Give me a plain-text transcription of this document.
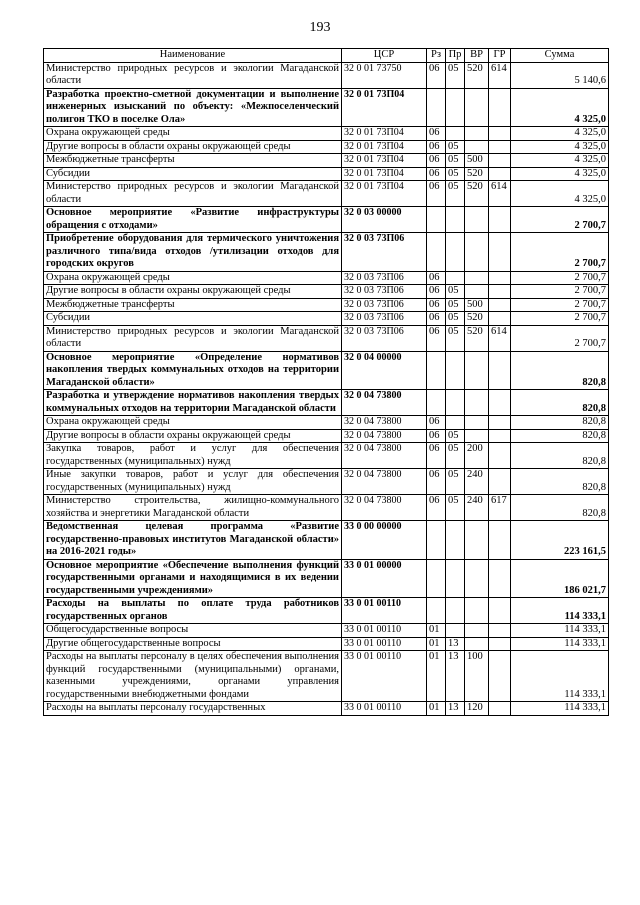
193
Наименование	ЦСР	Рз	Пр	ВР	ГР	Сумма
Министерство природных ресурсов и экологии Магаданской области	32 0 01 73750	06	05	520	614	5 140,6
Разработка проектно-сметной документации и выполнение инженерных изысканий по объекту: «Межпоселенческий полигон ТКО в поселке Ола»	32 0 01 73П04					4 325,0
Охрана окружающей среды	32 0 01 73П04	06				4 325,0
Другие вопросы в области охраны окружающей среды	32 0 01 73П04	06	05			4 325,0
Межбюджетные трансферты	32 0 01 73П04	06	05	500		4 325,0
Субсидии	32 0 01 73П04	06	05	520		4 325,0
Министерство природных ресурсов и экологии Магаданской области	32 0 01 73П04	06	05	520	614	4 325,0
Основное мероприятие «Развитие инфраструктуры обращения с отходами»	32 0 03 00000					2 700,7
Приобретение оборудования для термического уничтожения различного типа/вида отходов /утилизации отходов для городских округов	32 0 03 73П06					2 700,7
Охрана окружающей среды	32 0 03 73П06	06				2 700,7
Другие вопросы в области охраны окружающей среды	32 0 03 73П06	06	05			2 700,7
Межбюджетные трансферты	32 0 03 73П06	06	05	500		2 700,7
Субсидии	32 0 03 73П06	06	05	520		2 700,7
Министерство природных ресурсов и экологии Магаданской области	32 0 03 73П06	06	05	520	614	2 700,7
Основное мероприятие «Определение нормативов накопления твердых коммунальных отходов на территории Магаданской области»	32 0 04 00000					820,8
Разработка и утверждение нормативов накопления твердых коммунальных отходов на территории Магаданской области	32 0 04 73800					820,8
Охрана окружающей среды	32 0 04 73800	06				820,8
Другие вопросы в области охраны окружающей среды	32 0 04 73800	06	05			820,8
Закупка товаров, работ и услуг для обеспечения государственных (муниципальных) нужд	32 0 04 73800	06	05	200		820,8
Иные закупки товаров, работ и услуг для обеспечения государственных (муниципальных) нужд	32 0 04 73800	06	05	240		820,8
Министерство строительства, жилищно-коммунального хозяйства и энергетики Магаданской области	32 0 04 73800	06	05	240	617	820,8
Ведомственная целевая программа «Развитие государственно-правовых институтов Магаданской области» на 2016-2021 годы»	33 0 00 00000					223 161,5
Основное мероприятие «Обеспечение выполнения функций государственными органами и находящимися в их ведении государственными учреждениями»	33 0 01 00000					186 021,7
Расходы на выплаты по оплате труда работников государственных органов	33 0 01 00110					114 333,1
Общегосударственные вопросы	33 0 01 00110	01				114 333,1
Другие общегосударственные вопросы	33 0 01 00110	01	13			114 333,1
Расходы на выплаты персоналу в целях обеспечения выполнения функций государственными (муниципальными) органами, казенными учреждениями, органами управления государственными внебюджетными фондами	33 0 01 00110	01	13	100		114 333,1
Расходы на выплаты персоналу государственных	33 0 01 00110	01	13	120		114 333,1
